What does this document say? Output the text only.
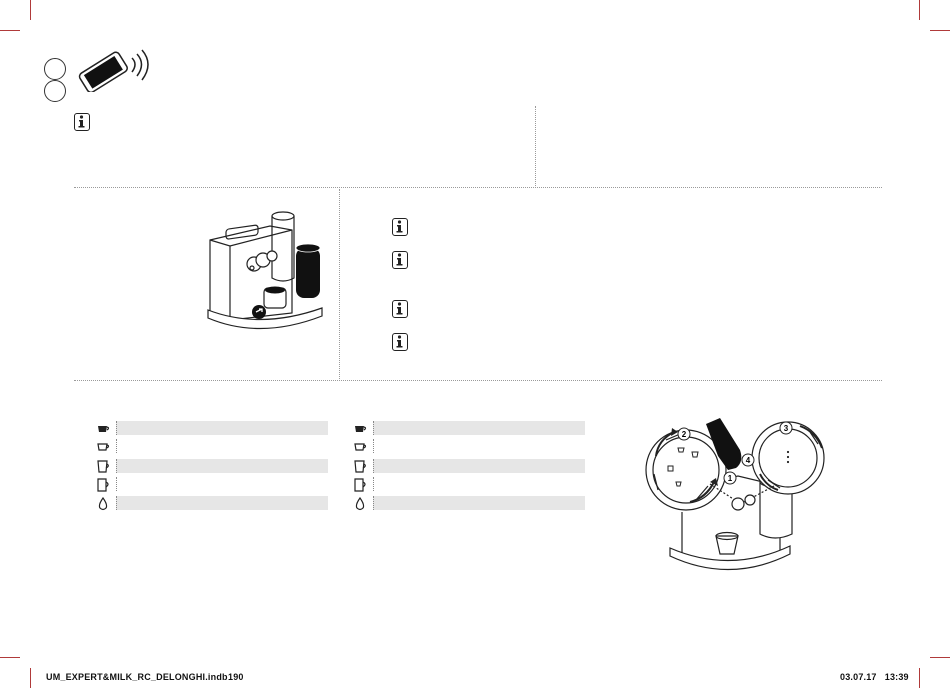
2
1
3
4
UM_EXPERT&MILK_RC_DELONGHI.indb 190	03.07.17   13:39
